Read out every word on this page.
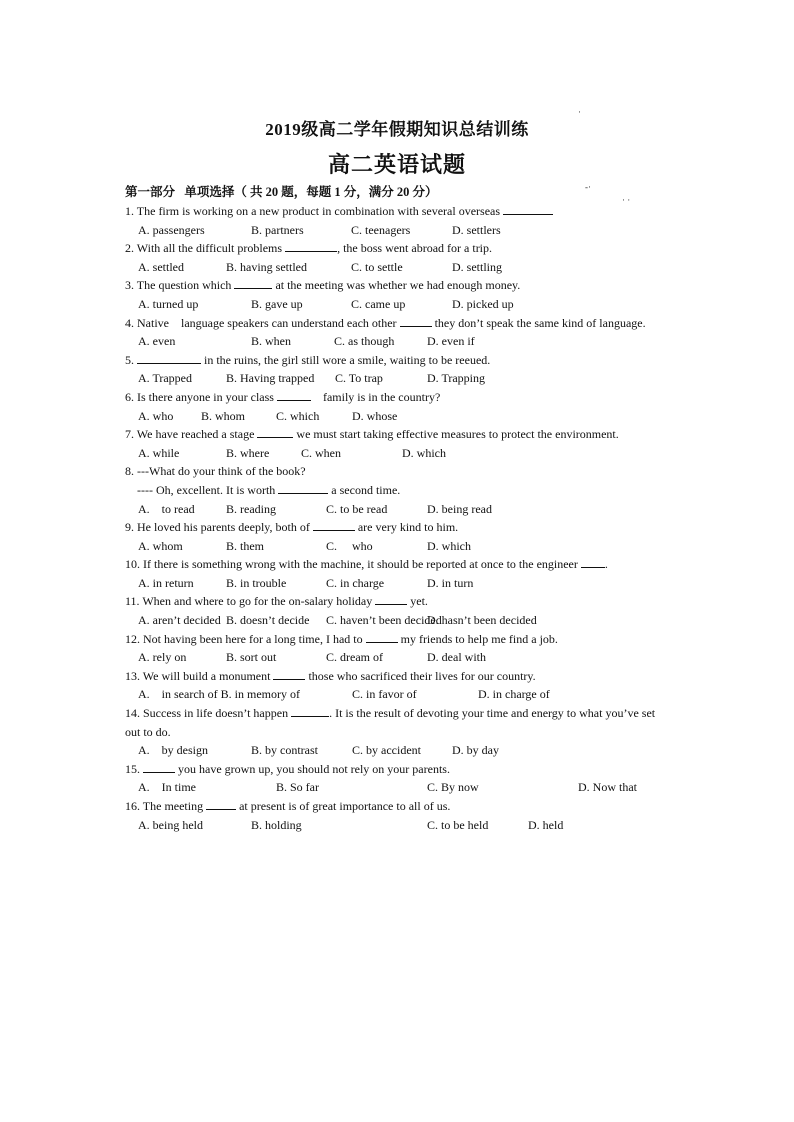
2019级高二学年假期知识总结训练
高二英语试题
·
-·
· ·
第一部分   单项选择（ 共 20 题，每题 1 分，满分 20 分）
1. The firm is working on a new product in combination with several overseas
A. passengers	B. partners	C. teenagers	D. settlers
2. With all the difficult problems	, the boss went abroad for a trip.
A. settled	B. having settled	C. to settle	D. settling
3. The question which	at the meeting was whether we had enough money.
A. turned up	B. gave up	C. came up	D. picked up
4. Native    language speakers can understand each other	they don’t speak the same kind of language.
A. even	B. when	C. as though	D. even if
5.	in the ruins, the girl still wore a smile, waiting to be reeued.
A. Trapped	B. Having trapped C. To trap	D. Trapping
6. Is there anyone in your class	family is in the country?
A. who B. whom	C. which	D. whose
7. We have reached a stage	we must start taking effective measures to protect the environment.
A. while	B. where	C. when	D. which
8. ---What do your think of the book?
---- Oh, excellent. It is worth	a second time.
A.    to read	B. reading	C. to be read	D. being read
9. He loved his parents deeply, both of	are very kind to him.
A. whom	B. them	C.     who	D. which
10. If there is something wrong with the machine, it should be reported at once to the engineer .
A. in return	B. in trouble	C. in charge	D. in turn
11. When and where to go for the on-salary holiday	yet.
A. aren’t decided B. doesn’t decide C. haven’t been decided
D. hasn’t been decided
12. Not having been here for a long time, I had to	my friends to help me find a job.
A. rely on	B. sort out	C. dream of	D. deal with
13. We will build a monument	those who sacrificed their lives for our country.
A.    in search of B. in memory of	C. in favor of	D. in charge of
14. Success in life doesn’t happen	. It is the result of devoting your time and energy to what you’ve set
out to do.
A.    by design	B. by contrast	C. by accident	D. by day
15.	you have grown up, you should not rely on your parents.
A.    In time	B. So far	C. By now	D. Now that
16. The meeting	at present is of great importance to all of us.
A. being held	B. holding	C. to be held	D. held
